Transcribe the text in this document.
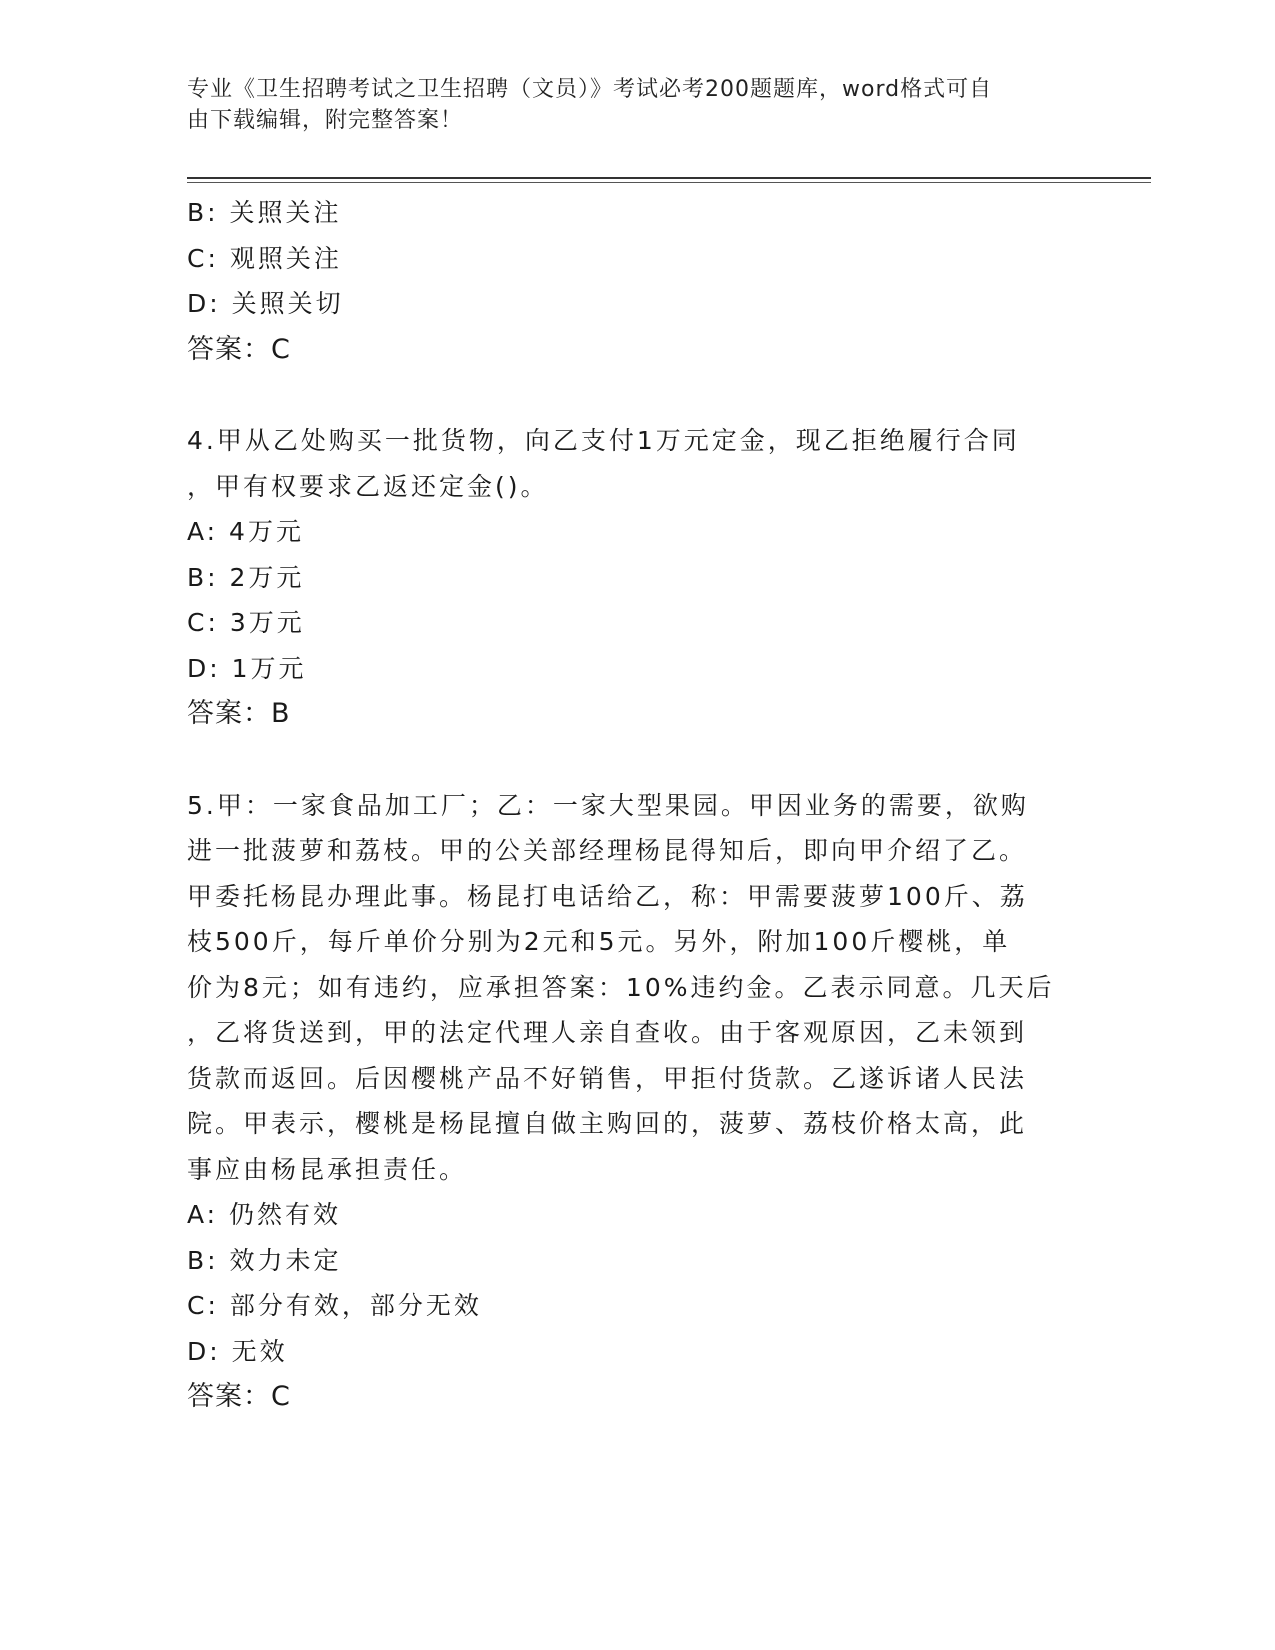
专业《卫生招聘考试之卫生招聘（文员）》考试必考200题题库，word格式可自
由下载编辑，附完整答案！
B: 关照关注
C: 观照关注
D: 关照关切
答案：C
4.甲从乙处购买一批货物，向乙支付1万元定金，现乙拒绝履行合同
，甲有权要求乙返还定金()。
A: 4万元
B: 2万元
C: 3万元
D: 1万元
答案：B
5.甲：一家食品加工厂；乙：一家大型果园。甲因业务的需要，欲购
进一批菠萝和荔枝。甲的公关部经理杨昆得知后，即向甲介绍了乙。
甲委托杨昆办理此事。杨昆打电话给乙，称：甲需要菠萝100斤、荔
枝500斤，每斤单价分别为2元和5元。另外，附加100斤樱桃，单
价为8元；如有违约，应承担答案：10%违约金。乙表示同意。几天后
，乙将货送到，甲的法定代理人亲自查收。由于客观原因，乙未领到
货款而返回。后因樱桃产品不好销售，甲拒付货款。乙遂诉诸人民法
院。甲表示，樱桃是杨昆擅自做主购回的，菠萝、荔枝价格太高，此
事应由杨昆承担责任。
A: 仍然有效
B: 效力未定
C: 部分有效，部分无效
D: 无效
答案：C
